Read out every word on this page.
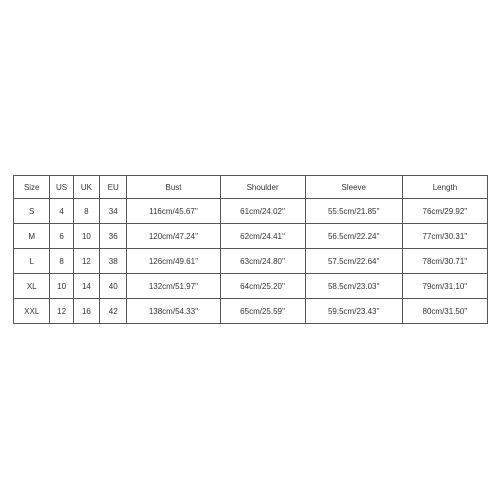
Size	US	UK	EU	Bust	Shoulder	Sleeve	Length
S	4	8	34	116cm/45.67''	61cm/24.02''	55.5cm/21.85''	76cm/29.92''
M	6	10	36	120cm/47.24''	62cm/24.41''	56.5cm/22.24''	77cm/30.31''
L	8	12	38	126cm/49.61''	63cm/24.80''	57.5cm/22.64''	78cm/30.71''
XL	10	14	40	132cm/51.97''	64cm/25.20''	58.5cm/23.03''	79cm/31.10''
XXL	12	16	42	138cm/54.33''	65cm/25.59''	59.5cm/23.43''	80cm/31.50''
